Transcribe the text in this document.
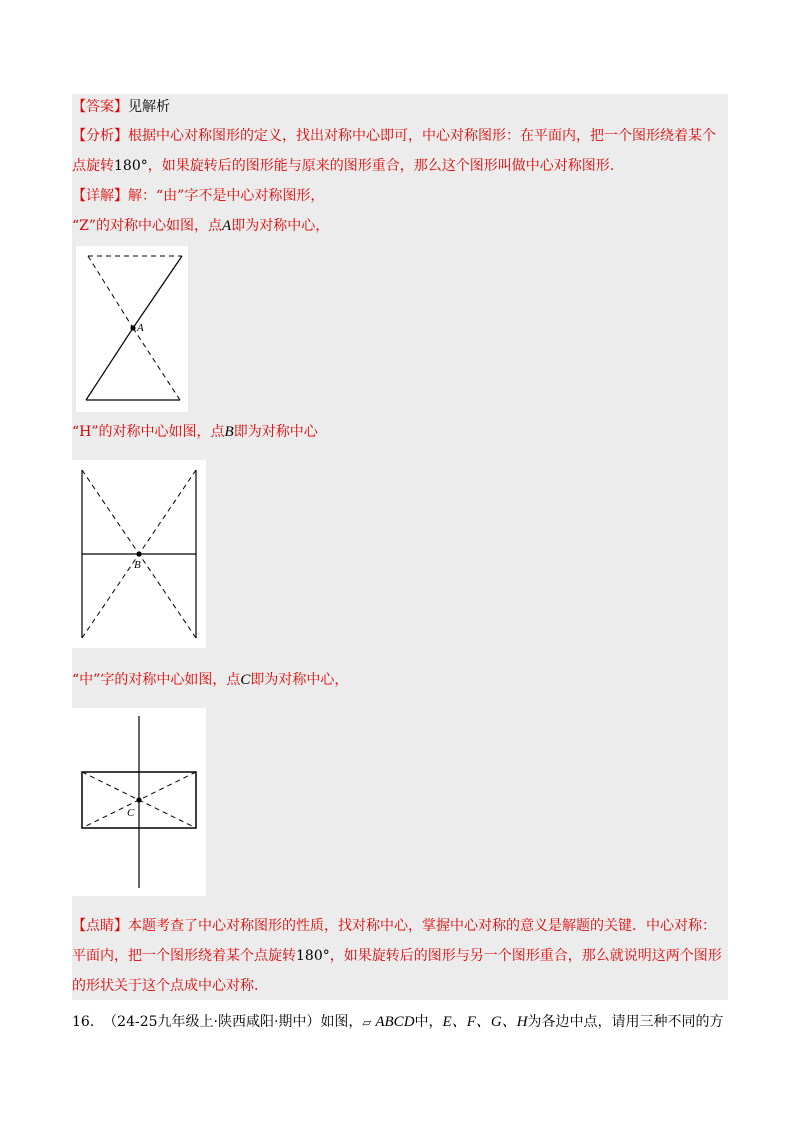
【答案】见解析
【分析】根据中心对称图形的定义，找出对称中心即可，中心对称图形：在平面内，把一个图形绕着某个
点旋转180°，如果旋转后的图形能与原来的图形重合，那么这个图形叫做中心对称图形.
【详解】解：“由”字不是中心对称图形，
“Z”的对称中心如图，点A即为对称中心，
A
“H”的对称中心如图，点B即为对称中心
B
“中”字的对称中心如图，点C即为对称中心，
C
【点睛】本题考查了中心对称图形的性质，找对称中心，掌握中心对称的意义是解题的关键．中心对称：
平面内，把一个图形绕着某个点旋转180°，如果旋转后的图形与另一个图形重合，那么就说明这两个图形
的形状关于这个点成中心对称.
16. （24-25九年级上·陕西咸阳·期中）如图，▱ ABCD中，E、F、G、H为各边中点，请用三种不同的方
